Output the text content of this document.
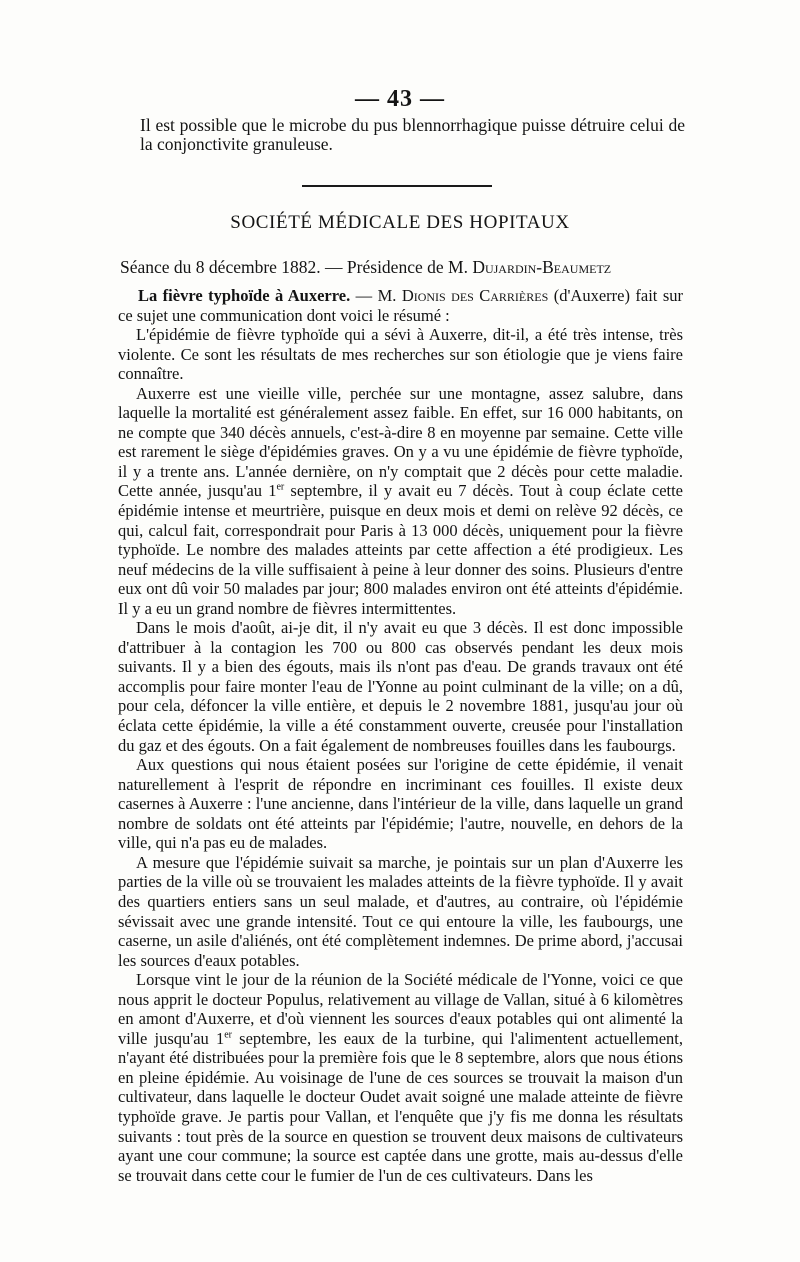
— 43 —
Il est possible que le microbe du pus blennorrhagique puisse détruire celui de la conjonctivite granuleuse.
SOCIÉTÉ MÉDICALE DES HOPITAUX
Séance du 8 décembre 1882. — Présidence de M. Dujardin-Beaumetz

La fièvre typhoïde à Auxerre. — M. Dionis des Carrières (d'Auxerre) fait sur ce sujet une communication dont voici le résumé :

L'épidémie de fièvre typhoïde qui a sévi à Auxerre, dit-il, a été très intense, très violente. Ce sont les résultats de mes recherches sur son étiologie que je viens faire connaître.

Auxerre est une vieille ville, perchée sur une montagne, assez salubre, dans laquelle la mortalité est généralement assez faible. En effet, sur 16 000 habitants, on ne compte que 340 décès annuels, c'est-à-dire 8 en moyenne par semaine. Cette ville est rarement le siège d'épidémies graves. On y a vu une épidémie de fièvre typhoïde, il y a trente ans. L'année dernière, on n'y comptait que 2 décès pour cette maladie. Cette année, jusqu'au 1er septembre, il y avait eu 7 décès. Tout à coup éclate cette épidémie intense et meurtrière, puisque en deux mois et demi on relève 92 décès, ce qui, calcul fait, correspondrait pour Paris à 13 000 décès, uniquement pour la fièvre typhoïde. Le nombre des malades atteints par cette affection a été prodigieux. Les neuf médecins de la ville suffisaient à peine à leur donner des soins. Plusieurs d'entre eux ont dû voir 50 malades par jour; 800 malades environ ont été atteints d'épidémie. Il y a eu un grand nombre de fièvres intermittentes.

Dans le mois d'août, ai-je dit, il n'y avait eu que 3 décès. Il est donc impossible d'attribuer à la contagion les 700 ou 800 cas observés pendant les deux mois suivants. Il y a bien des égouts, mais ils n'ont pas d'eau. De grands travaux ont été accomplis pour faire monter l'eau de l'Yonne au point culminant de la ville; on a dû, pour cela, défoncer la ville entière, et depuis le 2 novembre 1881, jusqu'au jour où éclata cette épidémie, la ville a été constamment ouverte, creusée pour l'installation du gaz et des égouts. On a fait également de nombreuses fouilles dans les faubourgs.

Aux questions qui nous étaient posées sur l'origine de cette épidémie, il venait naturellement à l'esprit de répondre en incriminant ces fouilles. Il existe deux casernes à Auxerre : l'une ancienne, dans l'intérieur de la ville, dans laquelle un grand nombre de soldats ont été atteints par l'épidémie; l'autre, nouvelle, en dehors de la ville, qui n'a pas eu de malades.

A mesure que l'épidémie suivait sa marche, je pointais sur un plan d'Auxerre les parties de la ville où se trouvaient les malades atteints de la fièvre typhoïde. Il y avait des quartiers entiers sans un seul malade, et d'autres, au contraire, où l'épidémie sévissait avec une grande intensité. Tout ce qui entoure la ville, les faubourgs, une caserne, un asile d'aliénés, ont été complètement indemnes. De prime abord, j'accusai les sources d'eaux potables.

Lorsque vint le jour de la réunion de la Société médicale de l'Yonne, voici ce que nous apprit le docteur Populus, relativement au village de Vallan, situé à 6 kilomètres en amont d'Auxerre, et d'où viennent les sources d'eaux potables qui ont alimenté la ville jusqu'au 1er septembre, les eaux de la turbine, qui l'alimentent actuellement, n'ayant été distribuées pour la première fois que le 8 septembre, alors que nous étions en pleine épidémie. Au voisinage de l'une de ces sources se trouvait la maison d'un cultivateur, dans laquelle le docteur Oudet avait soigné une malade atteinte de fièvre typhoïde grave. Je partis pour Vallan, et l'enquête que j'y fis me donna les résultats suivants : tout près de la source en question se trouvent deux maisons de cultivateurs ayant une cour commune; la source est captée dans une grotte, mais au-dessus d'elle se trouvait dans cette cour le fumier de l'un de ces cultivateurs. Dans les
